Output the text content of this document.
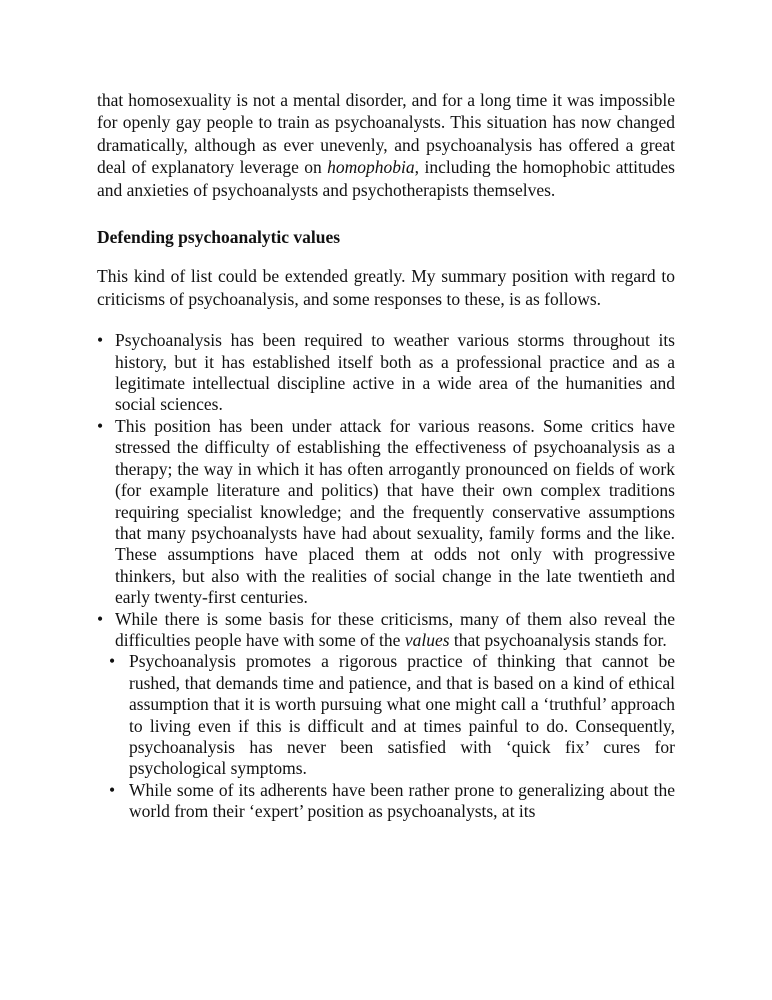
that homosexuality is not a mental disorder, and for a long time it was impossible for openly gay people to train as psychoanalysts. This situation has now changed dramatically, although as ever unevenly, and psychoanalysis has offered a great deal of explanatory leverage on homophobia, including the homophobic attitudes and anxieties of psychoanalysts and psychotherapists themselves.

Defending psychoanalytic values

This kind of list could be extended greatly. My summary position with regard to criticisms of psychoanalysis, and some responses to these, is as follows.

• Psychoanalysis has been required to weather various storms throughout its history, but it has established itself both as a professional practice and as a legitimate intellectual discipline active in a wide area of the humanities and social sciences.
• This position has been under attack for various reasons. Some critics have stressed the difficulty of establishing the effectiveness of psychoanalysis as a therapy; the way in which it has often arrogantly pronounced on fields of work (for example literature and politics) that have their own complex traditions requiring specialist knowledge; and the frequently conservative assumptions that many psychoanalysts have had about sexuality, family forms and the like. These assumptions have placed them at odds not only with progressive thinkers, but also with the realities of social change in the late twentieth and early twenty-first centuries.
• While there is some basis for these criticisms, many of them also reveal the difficulties people have with some of the values that psychoanalysis stands for.
• Psychoanalysis promotes a rigorous practice of thinking that cannot be rushed, that demands time and patience, and that is based on a kind of ethical assumption that it is worth pursuing what one might call a ‘truthful’ approach to living even if this is difficult and at times painful to do. Consequently, psychoanalysis has never been satisfied with ‘quick fix’ cures for psychological symptoms.
• While some of its adherents have been rather prone to generalizing about the world from their ‘expert’ position as psychoanalysts, at its
